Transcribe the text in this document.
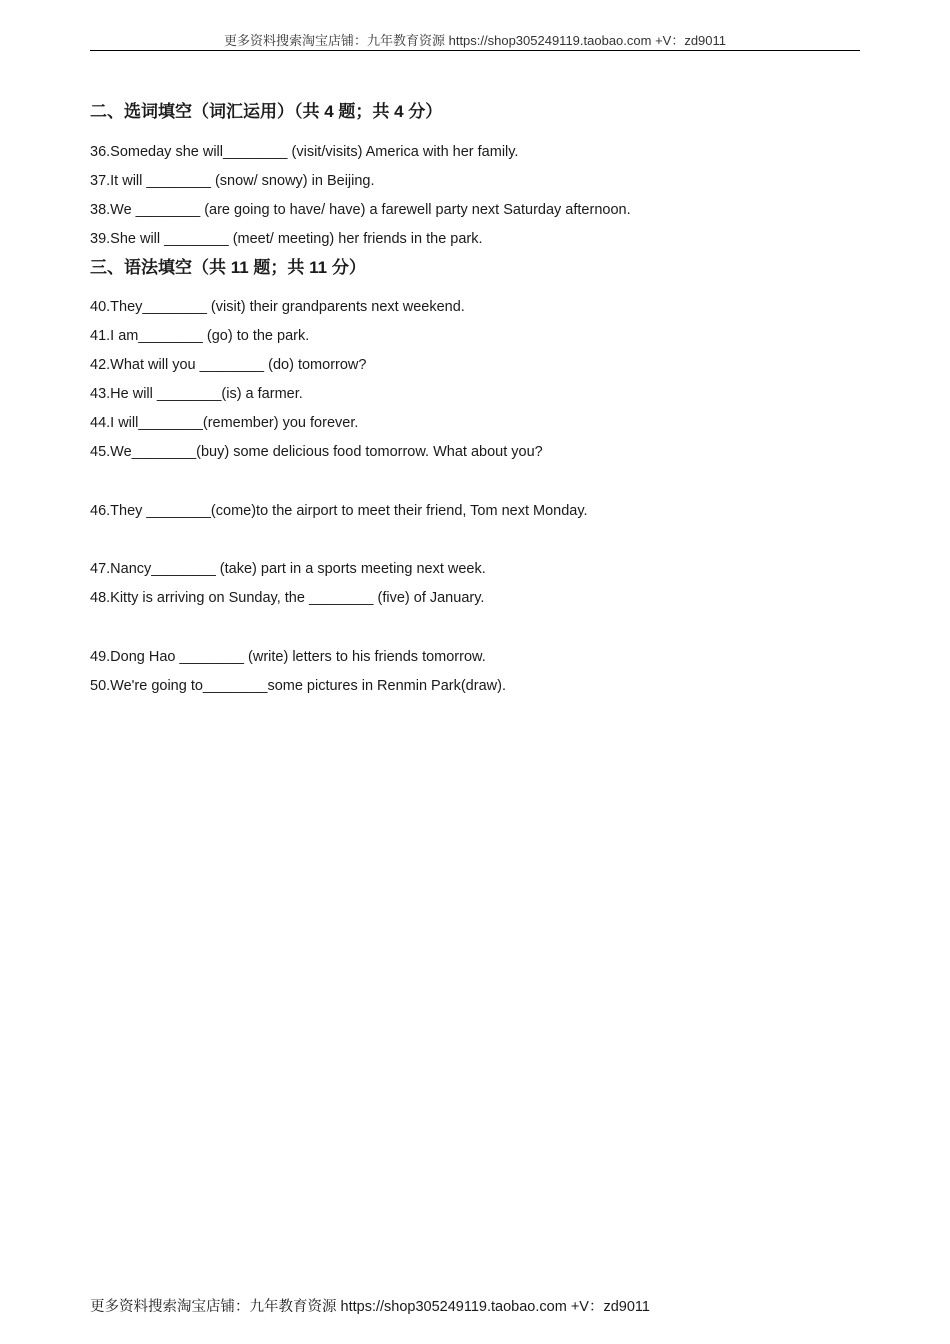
更多资料搜索淘宝店铺：九年教育资源 https://shop305249119.taobao.com +V：zd9011
二、选词填空（词汇运用）（共 4 题；共 4 分）
36.Someday she will________ (visit/visits) America with her family.
37.It will ________ (snow/ snowy) in Beijing.
38.We ________ (are going to have/ have) a farewell party next Saturday afternoon.
39.She will ________ (meet/ meeting) her friends in the park.
三、语法填空（共 11 题；共 11 分）
40.They________ (visit) their grandparents next weekend.
41.I am________ (go) to the park.
42.What will you ________ (do) tomorrow?
43.He will ________(is) a farmer.
44.I will________(remember) you forever.
45.We________(buy) some delicious food tomorrow. What about you?
46.They ________(come)to the airport to meet their friend, Tom next Monday.
47.Nancy________ (take) part in a sports meeting next week.
48.Kitty is arriving on Sunday, the ________ (five) of January.
49.Dong Hao ________ (write) letters to his friends tomorrow.
50.We're going to________some pictures in Renmin Park(draw).
更多资料搜索淘宝店铺：九年教育资源 https://shop305249119.taobao.com +V：zd9011
